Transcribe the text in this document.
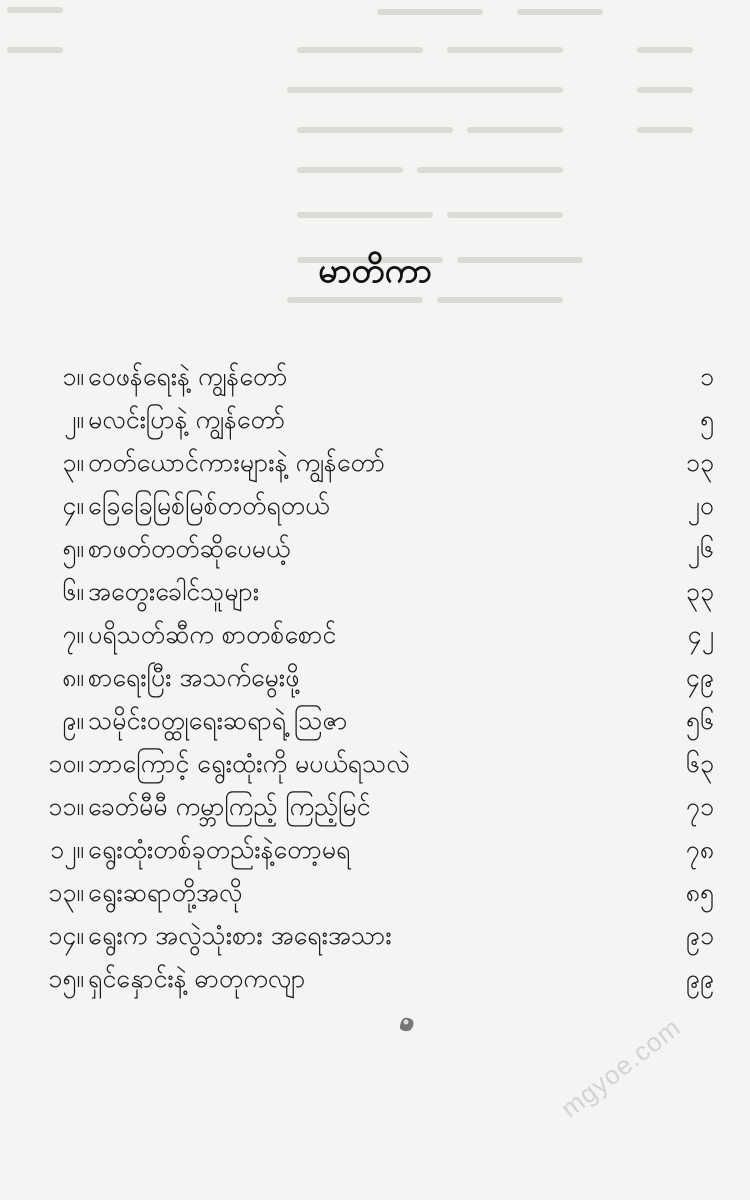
မာတိကာ
၁။ ဝေဖန်ရေးနဲ့ ကျွန်တော်	၁
၂။ မလင်းပြာနဲ့ ကျွန်တော်	၅
၃။ တတ်ယောင်ကားများနဲ့ ကျွန်တော်	၁၃
၄။ ခြေခြေမြစ်မြစ်တတ်ရတယ်	၂၀
၅။ စာဖတ်တတ်ဆိုပေမယ့်	၂၆
၆။ အတွေးခေါင်သူများ	၃၃
၇။ ပရိသတ်ဆီက စာတစ်စောင်	၄၂
၈။ စာရေးပြီး အသက်မွေးဖို့	၄၉
၉။ သမိုင်းဝတ္ထုရေးဆရာရဲ့ ဩဇာ	၅၆
၁၀။ ဘာကြောင့် ရွေးထုံးကို မပယ်ရသလဲ	၆၃
၁၁။ ခေတ်မီမီ ကမ္ဘာကြည့် ကြည့်မြင်	၇၁
၁၂။ ရွေးထုံးတစ်ခုတည်းနဲ့တော့မရ	၇၈
၁၃။ ရွေးဆရာတို့အလို	၈၅
၁၄။ ရွေးက အလွဲသုံးစား အရေးအသား	၉၁
၁၅။ ရှင်နှောင်းနဲ့ ဓာတုကလျာ	၉၉
mgyoe.com
